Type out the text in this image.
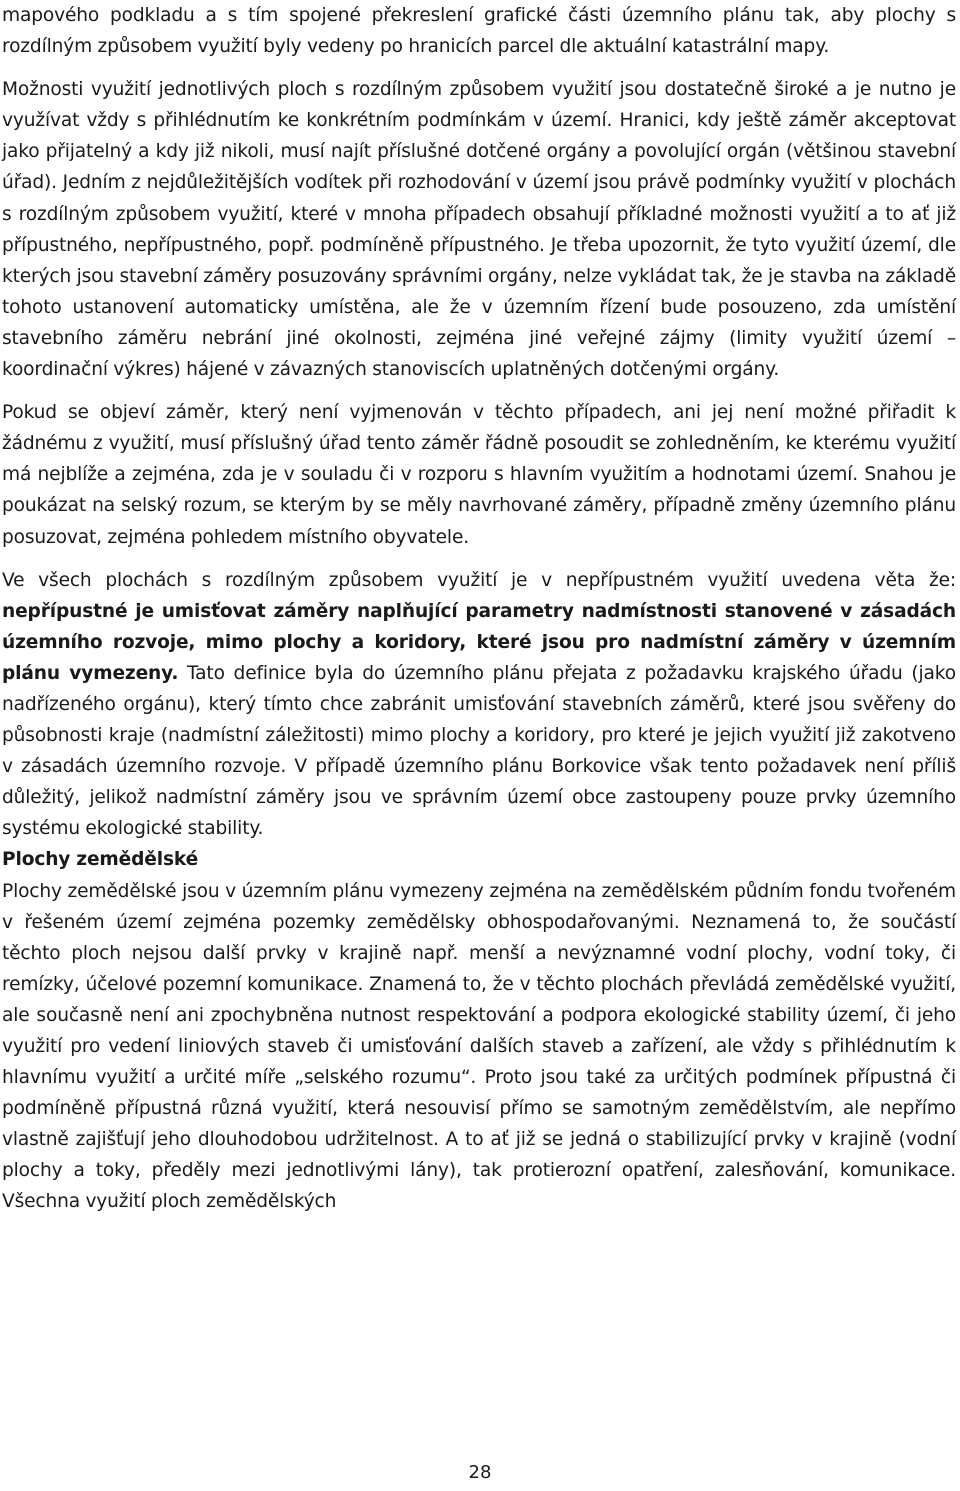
mapového podkladu a s tím spojené překreslení grafické části územního plánu tak, aby plochy s rozdílným způsobem využití byly vedeny po hranicích parcel dle aktuální katastrální mapy.

Možnosti využití jednotlivých ploch s rozdílným způsobem využití jsou dostatečně široké a je nutno je využívat vždy s přihlédnutím ke konkrétním podmínkám v území. Hranici, kdy ještě záměr akceptovat jako přijatelný a kdy již nikoli, musí najít příslušné dotčené orgány a povolující orgán (většinou stavební úřad). Jedním z nejdůležitějších vodítek při rozhodování v území jsou právě podmínky využití v plochách s rozdílným způsobem využití, které v mnoha případech obsahují příkladné možnosti využití a to ať již přípustného, nepřípustného, popř. podmíněně přípustného. Je třeba upozornit, že tyto využití území, dle kterých jsou stavební záměry posuzovány správními orgány, nelze vykládat tak, že je stavba na základě tohoto ustanovení automaticky umístěna, ale že v územním řízení bude posouzeno, zda umístění stavebního záměru nebrání jiné okolnosti, zejména jiné veřejné zájmy (limity využití území – koordinační výkres) hájené v závazných stanoviscích uplatněných dotčenými orgány.

Pokud se objeví záměr, který není vyjmenován v těchto případech, ani jej není možné přiřadit k žádnému z využití, musí příslušný úřad tento záměr řádně posoudit se zohledněním, ke kterému využití má nejblíže a zejména, zda je v souladu či v rozporu s hlavním využitím a hodnotami území. Snahou je poukázat na selský rozum, se kterým by se měly navrhované záměry, případně změny územního plánu posuzovat, zejména pohledem místního obyvatele.

Ve všech plochách s rozdílným způsobem využití je v nepřípustném využití uvedena věta že: nepřípustné je umisťovat záměry naplňující parametry nadmístnosti stanovené v zásadách územního rozvoje, mimo plochy a koridory, které jsou pro nadmístní záměry v územním plánu vymezeny. Tato definice byla do územního plánu přejata z požadavku krajského úřadu (jako nadřízeného orgánu), který tímto chce zabránit umisťování stavebních záměrů, které jsou svěřeny do působnosti kraje (nadmístní záležitosti) mimo plochy a koridory, pro které je jejich využití již zakotveno v zásadách územního rozvoje. V případě územního plánu Borkovice však tento požadavek není příliš důležitý, jelikož nadmístní záměry jsou ve správním území obce zastoupeny pouze prvky územního systému ekologické stability.

Plochy zemědělské

Plochy zemědělské jsou v územním plánu vymezeny zejména na zemědělském půdním fondu tvořeném v řešeném území zejména pozemky zemědělsky obhospodařovanými. Neznamená to, že součástí těchto ploch nejsou další prvky v krajině např. menší a nevýznamné vodní plochy, vodní toky, či remízky, účelové pozemní komunikace. Znamená to, že v těchto plochách převládá zemědělské využití, ale současně není ani zpochybněna nutnost respektování a podpora ekologické stability území, či jeho využití pro vedení liniových staveb či umisťování dalších staveb a zařízení, ale vždy s přihlédnutím k hlavnímu využití a určité míře „selského rozumu“. Proto jsou také za určitých podmínek přípustná či podmíněně přípustná různá využití, která nesouvisí přímo se samotným zemědělstvím, ale nepřímo vlastně zajišťují jeho dlouhodobou udržitelnost. A to ať již se jedná o stabilizující prvky v krajině (vodní plochy a toky, předěly mezi jednotlivými lány), tak protierozní opatření, zalesňování, komunikace. Všechna využití ploch zemědělských

28
